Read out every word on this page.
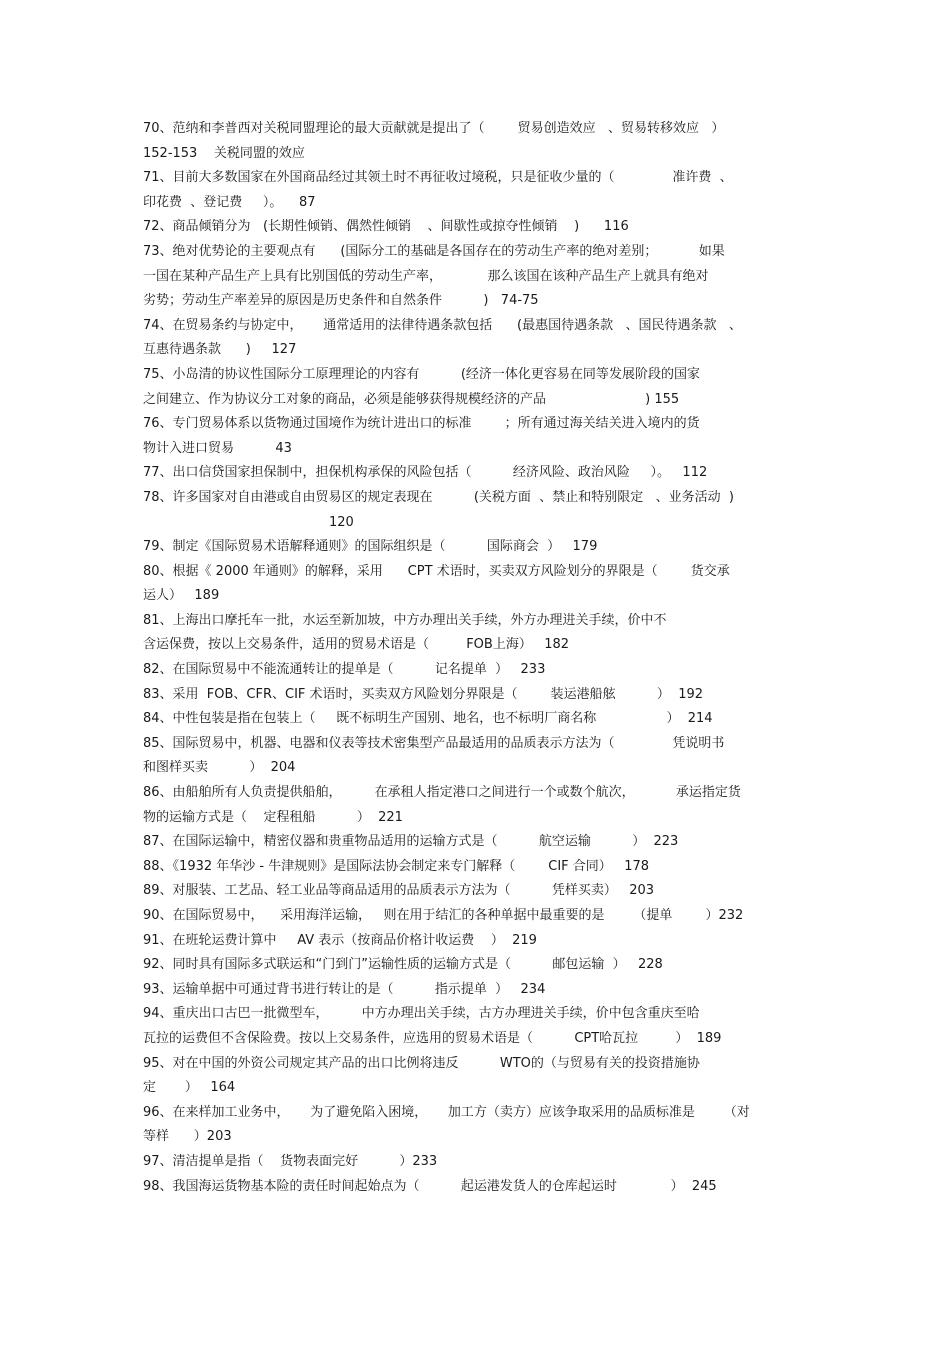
70、范纳和李普西对关税同盟理论的最大贡献就是提出了（        贸易创造效应   、贸易转移效应   ）
152-153    关税同盟的效应
71、目前大多数国家在外国商品经过其领土时不再征收过境税，只是征收少量的（              准许费  、
印花费  、登记费     ）。    87
72、商品倾销分为   (长期性倾销、偶然性倾销    、间歇性或掠夺性倾销    )      116
73、绝对优势论的主要观点有      (国际分工的基础是各国存在的劳动生产率的绝对差别；          如果
一国在某种产品生产上具有比别国低的劳动生产率，           那么该国在该种产品生产上就具有绝对
劣势；劳动生产率差异的原因是历史条件和自然条件          )   74-75
74、在贸易条约与协定中，     通常适用的法律待遇条款包括      (最惠国待遇条款   、国民待遇条款   、
互惠待遇条款      )     127
75、小岛清的协议性国际分工原理理论的内容有          (经济一体化更容易在同等发展阶段的国家
之间建立、作为协议分工对象的商品，必须是能够获得规模经济的产品                        ) 155
76、专门贸易体系以货物通过国境作为统计进出口的标准        ；所有通过海关结关进入境内的货
物计入进口贸易          43
77、出口信贷国家担保制中，担保机构承保的风险包括（          经济风险、政治风险     ）。   112
78、许多国家对自由港或自由贸易区的规定表现在          (关税方面  、禁止和特别限定   、业务活动  )
120
79、制定《国际贸易术语解释通则》的国际组织是（          国际商会  ）   179
80、根据《 2000 年通则》的解释，采用      CPT 术语时，买卖双方风险划分的界限是（        货交承
运人）   189
81、上海出口摩托车一批，水运至新加坡，中方办理出关手续，外方办理进关手续，价中不
含运保费，按以上交易条件，适用的贸易术语是（         FOB上海）   182
82、在国际贸易中不能流通转让的提单是（          记名提单  ）   233
83、采用  FOB、CFR、CIF 术语时，买卖双方风险划分界限是（        装运港船舷          ）  192
84、中性包装是指在包装上（     既不标明生产国别、地名，也不标明厂商名称                 ）  214
85、国际贸易中，机器、电器和仪表等技术密集型产品最适用的品质表示方法为（              凭说明书
和图样买卖          ）  204
86、由船舶所有人负责提供船舶，        在承租人指定港口之间进行一个或数个航次，          承运指定货
物的运输方式是（    定程租船          ）  221
87、在国际运输中，精密仪器和贵重物品适用的运输方式是（          航空运输          ）  223
88、《1932 年华沙 - 牛津规则》是国际法协会制定来专门解释（        CIF 合同）   178
89、对服装、工艺品、轻工业品等商品适用的品质表示方法为（          凭样买卖）   203
90、在国际贸易中，    采用海洋运输，   则在用于结汇的各种单据中最重要的是       （提单        ）232
91、在班轮运费计算中     AV 表示（按商品价格计收运费    ）  219
92、同时具有国际多式联运和“门到门”运输性质的运输方式是（          邮包运输  ）   228
93、运输单据中可通过背书进行转让的是（          指示提单  ）   234
94、重庆出口古巴一批微型车，        中方办理出关手续，古方办理进关手续，价中包含重庆至哈
瓦拉的运费但不含保险费。按以上交易条件，应选用的贸易术语是（          CPT哈瓦拉         ）  189
95、对在中国的外资公司规定其产品的出口比例将违反          WTO的（与贸易有关的投资措施协
定       ）   164
96、在来样加工业务中，     为了避免陷入困境，     加工方（卖方）应该争取采用的品质标准是       （对
等样      ）203
97、清洁提单是指（    货物表面完好          ）233
98、我国海运货物基本险的责任时间起始点为（          起运港发货人的仓库起运时             ）  245
